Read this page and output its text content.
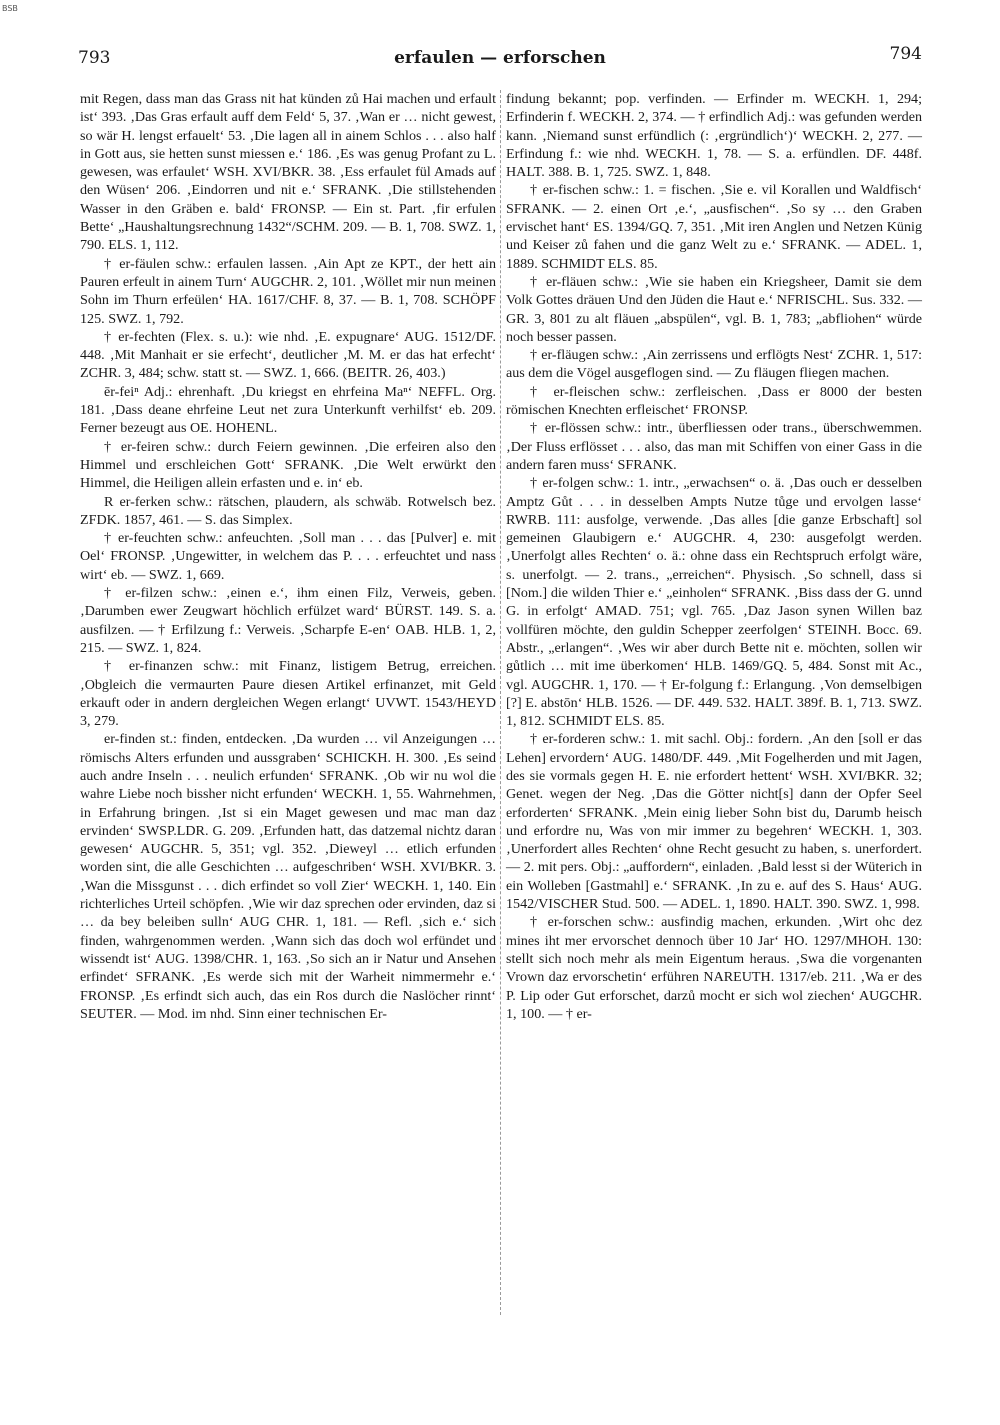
BSB
793	erfaulen — erforschen	794

mit Regen, dass man das Grass nit hat künden zů Hai machen und erfault ist‘ 393. ‚Das Gras erfault auff dem Feld‘ 5, 37. ‚Wan er … nicht gewest, so wär H. lengst erfauelt‘ 53. ‚Die lagen all in ainem Schlos . . . also half in Gott aus, sie hetten sunst miessen e.‘ 186. ‚Es was genug Profant zu L. gewesen, was erfaulet‘ WSH. XVI/BKR. 38. ‚Ess erfaulet fül Amads auf den Wüsen‘ 206. ‚Eindorren und nit e.‘ SFRANK. ‚Die stillstehenden Wasser in den Gräben e. bald‘ FRONSP. — Ein st. Part. ‚fir erfulen Bette‘ „Haushaltungsrechnung 1432“/SCHM. 209. — B. 1, 708. SWZ. 1, 790. ELS. 1, 112.

† er-fäulen schw.: erfaulen lassen. ‚Ain Apt ze KPT., der hett ain Pauren erfeult in ainem Turn‘ AUGCHR. 2, 101. ‚Wöllet mir nun meinen Sohn im Thurn erfeülen‘ HA. 1617/CHF. 8, 37. — B. 1, 708. SCHÖPF 125. SWZ. 1, 792.

† er-fechten (Flex. s. u.): wie nhd. ‚E. expugnare‘ AUG. 1512/DF. 448. ‚Mit Manhait er sie erfecht‘, deutlicher ‚M. M. er das hat erfecht‘ ZCHR. 3, 484; schw. statt st. — SWZ. 1, 666. (BEITR. 26, 403.)

ēr-feiⁿ Adj.: ehrenhaft. ‚Du kriegst en ehrfeina Maⁿ‘ NEFFL. Org. 181. ‚Dass deane ehrfeine Leut net zura Unterkunft verhilfst‘ eb. 209. Ferner bezeugt aus OE. HOHENL.

† er-feiren schw.: durch Feiern gewinnen. ‚Die erfeiren also den Himmel und erschleichen Gott‘ SFRANK. ‚Die Welt erwürkt den Himmel, die Heiligen allein erfasten und e. in‘ eb.

R er-ferken schw.: rätschen, plaudern, als schwäb. Rotwelsch bez. ZFDK. 1857, 461. — S. das Simplex.

† er-feuchten schw.: anfeuchten. ‚Soll man . . . das [Pulver] e. mit Oel‘ FRONSP. ‚Ungewitter, in welchem das P. . . . erfeuchtet und nass wirt‘ eb. — SWZ. 1, 669.

† er-filzen schw.: ‚einen e.‘, ihm einen Filz, Verweis, geben. ‚Darumben ewer Zeugwart höchlich erfülzet ward‘ BÜRST. 149. S. a. ausfilzen. — † Erfilzung f.: Verweis. ‚Scharpfe E-en‘ OAB. HLB. 1, 2, 215. — SWZ. 1, 824.

† er-finanzen schw.: mit Finanz, listigem Betrug, erreichen. ‚Obgleich die vermaurten Paure diesen Artikel erfinanzet, mit Geld erkauft oder in andern dergleichen Wegen erlangt‘ UVWT. 1543/HEYD 3, 279.

er-finden st.: finden, entdecken. ‚Da wurden … vil Anzeigungen … römischs Alters erfunden und aussgraben‘ SCHICKH. H. 300. ‚Es seind auch andre Inseln . . . neulich erfunden‘ SFRANK. ‚Ob wir nu wol die wahre Liebe noch bissher nicht erfunden‘ WECKH. 1, 55. Wahrnehmen, in Erfahrung bringen. ‚Ist si ein Maget gewesen und mac man daz ervinden‘ SWSP.LDR. G. 209. ‚Erfunden hatt, das datzemal nichtz daran gewesen‘ AUGCHR. 5, 351; vgl. 352. ‚Dieweyl … etlich erfunden worden sint, die alle Geschichten … aufgeschriben‘ WSH. XVI/BKR. 3. ‚Wan die Missgunst . . . dich erfindet so voll Zier‘ WECKH. 1, 140. Ein richterliches Urteil schöpfen. ‚Wie wir daz sprechen oder ervinden, daz si … da bey beleiben sulln‘ AUG CHR. 1, 181. — Refl. ‚sich e.‘ sich finden, wahrgenommen werden. ‚Wann sich das doch wol erfündet und wissendt ist‘ AUG. 1398/CHR. 1, 163. ‚So sich an ir Natur und Ansehen erfindet‘ SFRANK. ‚Es werde sich mit der Warheit nimmermehr e.‘ FRONSP. ‚Es erfindt sich auch, das ein Ros durch die Naslöcher rinnt‘ SEUTER. — Mod. im nhd. Sinn einer technischen Er-

findung bekannt; pop. verfinden. — Erfinder m. WECKH. 1, 294; Erfinderin f. WECKH. 2, 374. — † erfindlich Adj.: was gefunden werden kann. ‚Niemand sunst erfündlich (: ‚ergründlich‘)‘ WECKH. 2, 277. — Erfindung f.: wie nhd. WECKH. 1, 78. — S. a. erfündlen. DF. 448f. HALT. 388. B. 1, 725. SWZ. 1, 848.

† er-fischen schw.: 1. = fischen. ‚Sie e. vil Korallen und Waldfisch‘ SFRANK. — 2. einen Ort ‚e.‘, „ausfischen“. ‚So sy … den Graben ervischet hant‘ ES. 1394/GQ. 7, 351. ‚Mit iren Anglen und Netzen Künig und Keiser zů fahen und die ganz Welt zu e.‘ SFRANK. — ADEL. 1, 1889. SCHMIDT ELS. 85.

† er-fläuen schw.: ‚Wie sie haben ein Kriegsheer, Damit sie dem Volk Gottes dräuen Und den Jüden die Haut e.‘ NFRISCHL. Sus. 332. — GR. 3, 801 zu alt fläuen „abspülen“, vgl. B. 1, 783; „abfliohen“ würde noch besser passen.

† er-fläugen schw.: ‚Ain zerrissens und erflögts Nest‘ ZCHR. 1, 517: aus dem die Vögel ausgeflogen sind. — Zu fläugen fliegen machen.

† er-fleischen schw.: zerfleischen. ‚Dass er 8000 der besten römischen Knechten erfleischet‘ FRONSP.

† er-flössen schw.: intr., überfliessen oder trans., überschwemmen. ‚Der Fluss erflösset . . . also, das man mit Schiffen von einer Gass in die andern faren muss‘ SFRANK.

† er-folgen schw.: 1. intr., „erwachsen“ o. ä. ‚Das ouch er desselben Amptz Gůt . . . in desselben Ampts Nutze tůge und ervolgen lasse‘ RWRB. 111: ausfolge, verwende. ‚Das alles [die ganze Erbschaft] sol gemeinen Glaubigern e.‘ AUGCHR. 4, 230: ausgefolgt werden. ‚Unerfolgt alles Rechten‘ o. ä.: ohne dass ein Rechtspruch erfolgt wäre, s. unerfolgt. — 2. trans., „erreichen“. Physisch. ‚So schnell, dass si [Nom.] die wilden Thier e.‘ „einholen“ SFRANK. ‚Biss dass der G. unnd G. in erfolgt‘ AMAD. 751; vgl. 765. ‚Daz Jason synen Willen baz vollfüren möchte, den guldin Schepper zeerfolgen‘ STEINH. Bocc. 69. Abstr., „erlangen“. ‚Wes wir aber durch Bette nit e. möchten, sollen wir gůtlich … mit ime überkomen‘ HLB. 1469/GQ. 5, 484. Sonst mit Ac., vgl. AUGCHR. 1, 170. — † Er-folgung f.: Erlangung. ‚Von demselbigen [?] E. abstōn‘ HLB. 1526. — DF. 449. 532. HALT. 389f. B. 1, 713. SWZ. 1, 812. SCHMIDT ELS. 85.

† er-forderen schw.: 1. mit sachl. Obj.: fordern. ‚An den [soll er das Lehen] ervordern‘ AUG. 1480/DF. 449. ‚Mit Fogelherden und mit Jagen, des sie vormals gegen H. E. nie erfordert hettent‘ WSH. XVI/BKR. 32; Genet. wegen der Neg. ‚Das die Götter nicht[s] dann der Opfer Seel erforderten‘ SFRANK. ‚Mein einig lieber Sohn bist du, Darumb heisch und erfordre nu, Was von mir immer zu begehren‘ WECKH. 1, 303. ‚Unerfordert alles Rechten‘ ohne Recht gesucht zu haben, s. unerfordert. — 2. mit pers. Obj.: „auffordern“, einladen. ‚Bald lesst si der Wüterich in ein Wolleben [Gastmahl] e.‘ SFRANK. ‚In zu e. auf des S. Haus‘ AUG. 1542/VISCHER Stud. 500. — ADEL. 1, 1890. HALT. 390. SWZ. 1, 998.

† er-forschen schw.: ausfindig machen, erkunden. ‚Wirt ohc dez mines iht mer ervorschet dennoch über 10 Jar‘ HO. 1297/MHOH. 130: stellt sich noch mehr als mein Eigentum heraus. ‚Swa die vorgenanten Vrown daz ervorschetin‘ erführen NAREUTH. 1317/eb. 211. ‚Wa er des P. Lip oder Gut erforschet, darzů mocht er sich wol ziechen‘ AUGCHR. 1, 100. — † er-
